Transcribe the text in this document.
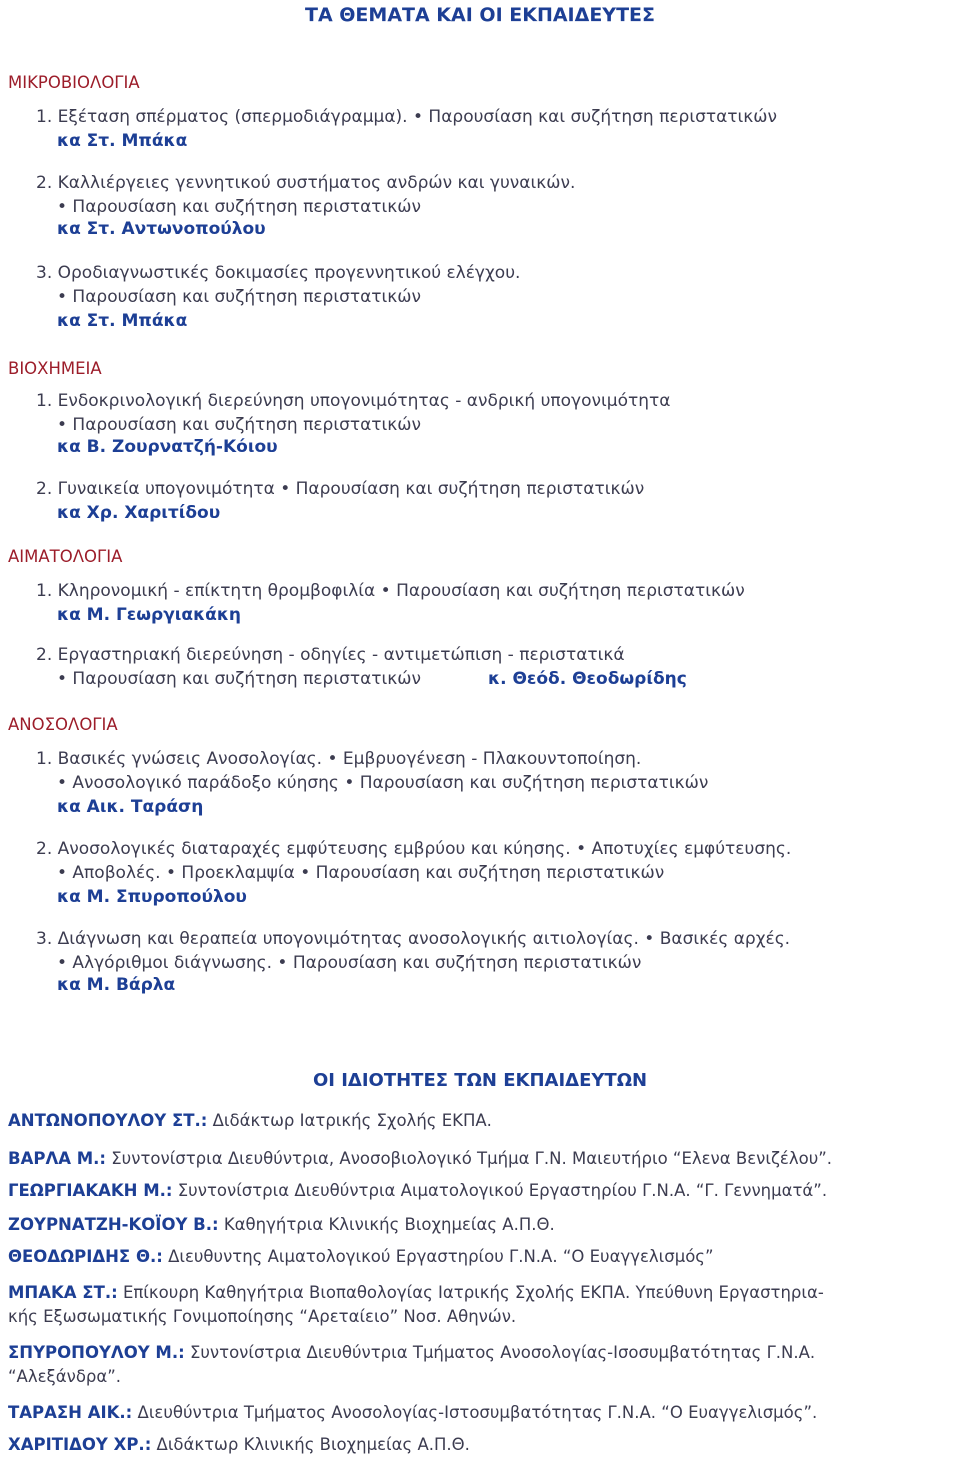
ΤΑ ΘΕΜΑΤΑ ΚΑΙ ΟΙ ΕΚΠΑΙΔΕΥΤΕΣ
ΜΙΚΡΟΒΙΟΛΟΓΙΑ
1. Εξέταση σπέρματος (σπερμοδιάγραμμα). • Παρουσίαση και συζήτηση περιστατικών
κα Στ. Μπάκα
2. Καλλιέργειες γεννητικού συστήματος ανδρών και γυναικών.
• Παρουσίαση και συζήτηση περιστατικών
κα Στ. Αντωνοπούλου
3. Οροδιαγνωστικές δοκιμασίες προγεννητικού ελέγχου.
• Παρουσίαση και συζήτηση περιστατικών
κα Στ. Μπάκα
ΒΙΟΧΗΜΕΙΑ
1. Ενδοκρινολογική διερεύνηση υπογονιμότητας - ανδρική υπογονιμότητα
• Παρουσίαση και συζήτηση περιστατικών
κα Β. Ζουρνατζή-Κόιου
2. Γυναικεία υπογονιμότητα • Παρουσίαση και συζήτηση περιστατικών
κα Χρ. Χαριτίδου
ΑΙΜΑΤΟΛΟΓΙΑ
1. Κληρονομική - επίκτητη θρομβοφιλία • Παρουσίαση και συζήτηση περιστατικών
κα Μ. Γεωργιακάκη
2. Εργαστηριακή διερεύνηση - οδηγίες - αντιμετώπιση - περιστατικά
• Παρουσίαση και συζήτηση περιστατικών	κ. Θεόδ. Θεοδωρίδης
ΑΝΟΣΟΛΟΓΙΑ
1. Βασικές γνώσεις Ανοσολογίας. • Εμβρυογένεση - Πλακουντοποίηση.
• Ανοσολογικό παράδοξο κύησης • Παρουσίαση και συζήτηση περιστατικών
κα Αικ. Ταράση
2. Ανοσολογικές διαταραχές εμφύτευσης εμβρύου και κύησης. • Αποτυχίες εμφύτευσης.
• Αποβολές. • Προεκλαμψία • Παρουσίαση και συζήτηση περιστατικών
κα Μ. Σπυροπούλου
3. Διάγνωση και θεραπεία υπογονιμότητας ανοσολογικής αιτιολογίας. • Βασικές αρχές.
• Αλγόριθμοι διάγνωσης. • Παρουσίαση και συζήτηση περιστατικών
κα Μ. Βάρλα
ΟΙ ΙΔΙΟΤΗΤΕΣ ΤΩΝ ΕΚΠΑΙΔΕΥΤΩΝ
ΑΝΤΩΝΟΠΟΥΛΟΥ ΣΤ.: Διδάκτωρ Ιατρικής Σχολής ΕΚΠΑ.
ΒΑΡΛΑ Μ.: Συντονίστρια Διευθύντρια, Ανοσοβιολογικό Τμήμα Γ.Ν. Μαιευτήριο “Ελενα Βενιζέλου”.
ΓΕΩΡΓΙΑΚΑΚΗ Μ.: Συντονίστρια Διευθύντρια Αιματολογικού Εργαστηρίου Γ.Ν.Α. “Γ. Γεννηματά”.
ΖΟΥΡΝΑΤΖΗ-ΚΟΪΟΥ Β.: Καθηγήτρια Κλινικής Βιοχημείας Α.Π.Θ.
ΘΕΟΔΩΡΙΔΗΣ Θ.: Διευθυντης Αιματολογικού Εργαστηρίου Γ.Ν.Α. “Ο Ευαγγελισμός”
ΜΠΑΚΑ ΣΤ.: Επίκουρη Καθηγήτρια Βιοπαθολογίας Ιατρικής Σχολής ΕΚΠΑ. Υπεύθυνη Εργαστηρια-
κής Εξωσωματικής Γονιμοποίησης “Αρεταίειο” Νοσ. Αθηνών.
ΣΠΥΡΟΠΟΥΛΟΥ Μ.: Συντονίστρια Διευθύντρια Τμήματος Ανοσολογίας-Ισοσυμβατότητας Γ.Ν.Α.
“Αλεξάνδρα”.
ΤΑΡΑΣΗ ΑΙΚ.: Διευθύντρια Τμήματος Ανοσολογίας-Ιστοσυμβατότητας Γ.Ν.Α. “Ο Ευαγγελισμός”.
ΧΑΡΙΤΙΔΟΥ ΧΡ.: Διδάκτωρ Κλινικής Βιοχημείας Α.Π.Θ.
